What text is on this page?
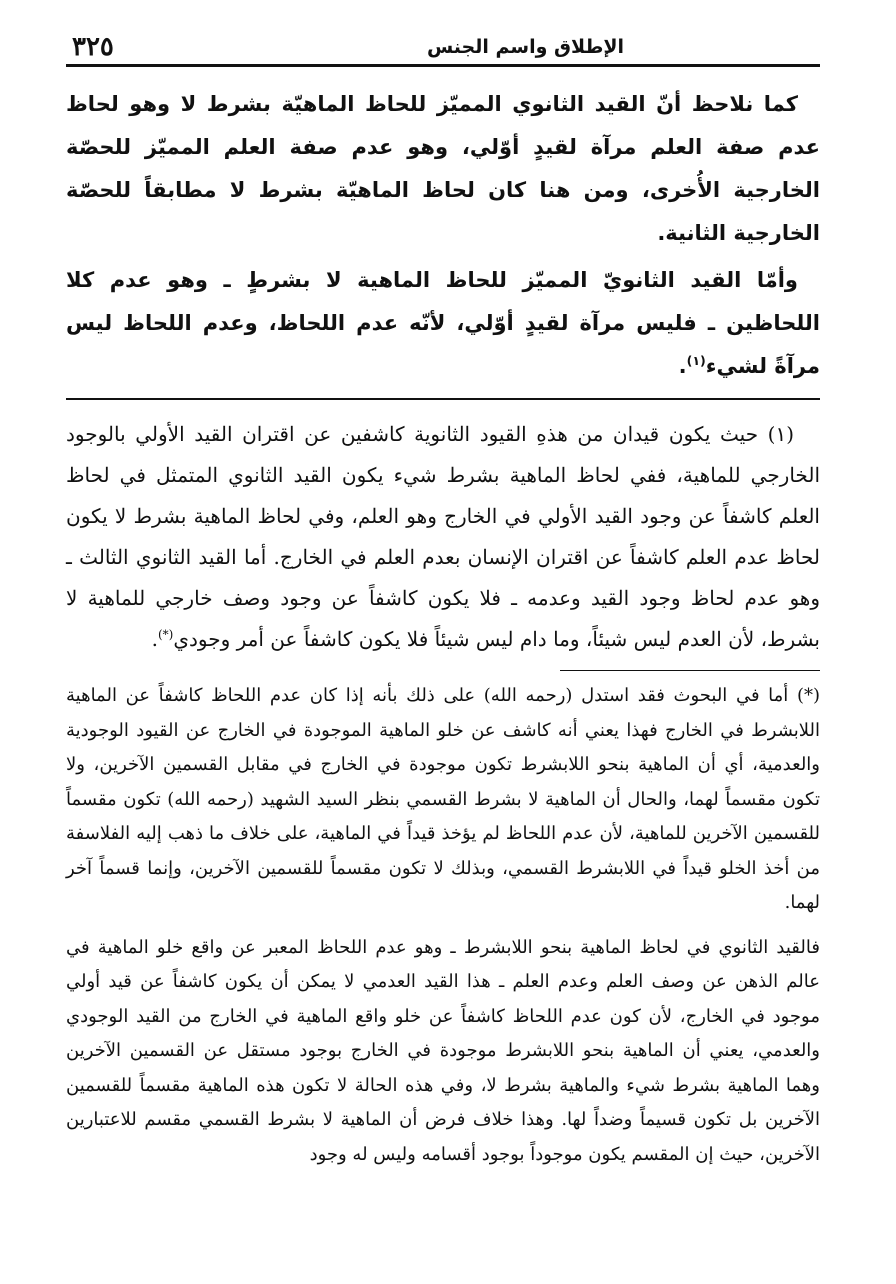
٣٢٥	الإطلاق واسم الجنس

كما نلاحظ أنّ القيد الثانوي المميّز للحاظ الماهيّة بشرط لا وهو لحاظ عدم صفة العلم مرآة لقيدٍ أوّلي، وهو عدم صفة العلم المميّز للحصّة الخارجية الأُخرى، ومن هنا كان لحاظ الماهيّة بشرط لا مطابقاً للحصّة الخارجية الثانية.

وأمّا القيد الثانويّ المميّز للحاظ الماهية لا بشرطٍ ـ وهو عدم كلا اللحاظين ـ فليس مرآة لقيدٍ أوّلي، لأنّه عدم اللحاظ، وعدم اللحاظ ليس مرآةً لشيء$^{(١)}$.

(١) حيث يكون قيدان من هذهِ القيود الثانوية كاشفين عن اقتران القيد الأولي بالوجود الخارجي للماهية، ففي لحاظ الماهية بشرط شيء يكون القيد الثانوي المتمثل في لحاظ العلم كاشفاً عن وجود القيد الأولي في الخارج وهو العلم، وفي لحاظ الماهية بشرط لا يكون لحاظ عدم العلم كاشفاً عن اقتران الإنسان بعدم العلم في الخارج. أما القيد الثانوي الثالث ـ وهو عدم لحاظ وجود القيد وعدمه ـ فلا يكون كاشفاً عن وجود وصف خارجي للماهية لا بشرط، لأن العدم ليس شيئاً، وما دام ليس شيئاً فلا يكون كاشفاً عن أمر وجودي(*).

(*) أما في البحوث فقد استدل (رحمه الله) على ذلك بأنه إذا كان عدم اللحاظ كاشفاً عن الماهية اللابشرط في الخارج فهذا يعني أنه كاشف عن خلو الماهية الموجودة في الخارج عن القيود الوجودية والعدمية، أي أن الماهية بنحو اللابشرط تكون موجودة في الخارج في مقابل القسمين الآخرين، ولا تكون مقسماً لهما، والحال أن الماهية لا بشرط القسمي بنظر السيد الشهيد (رحمه الله) تكون مقسماً للقسمين الآخرين للماهية، لأن عدم اللحاظ لم يؤخذ قيداً في الماهية، على خلاف ما ذهب إليه الفلاسفة من أخذ الخلو قيداً في اللابشرط القسمي، وبذلك لا تكون مقسماً للقسمين الآخرين، وإنما قسماً آخر لهما.

فالقيد الثانوي في لحاظ الماهية بنحو اللابشرط ـ وهو عدم اللحاظ المعبر عن واقع خلو الماهية في عالم الذهن عن وصف العلم وعدم العلم ـ هذا القيد العدمي لا يمكن أن يكون كاشفاً عن قيد أولي موجود في الخارج، لأن كون عدم اللحاظ كاشفاً عن خلو واقع الماهية في الخارج من القيد الوجودي والعدمي، يعني أن الماهية بنحو اللابشرط موجودة في الخارج بوجود مستقل عن القسمين الآخرين وهما الماهية بشرط شيء والماهية بشرط لا، وفي هذه الحالة لا تكون هذه الماهية مقسماً للقسمين الآخرين بل تكون قسيماً وضداً لها. وهذا خلاف فرض أن الماهية لا بشرط القسمي مقسم للاعتبارين الآخرين، حيث إن المقسم يكون موجوداً بوجود أقسامه وليس له وجود
